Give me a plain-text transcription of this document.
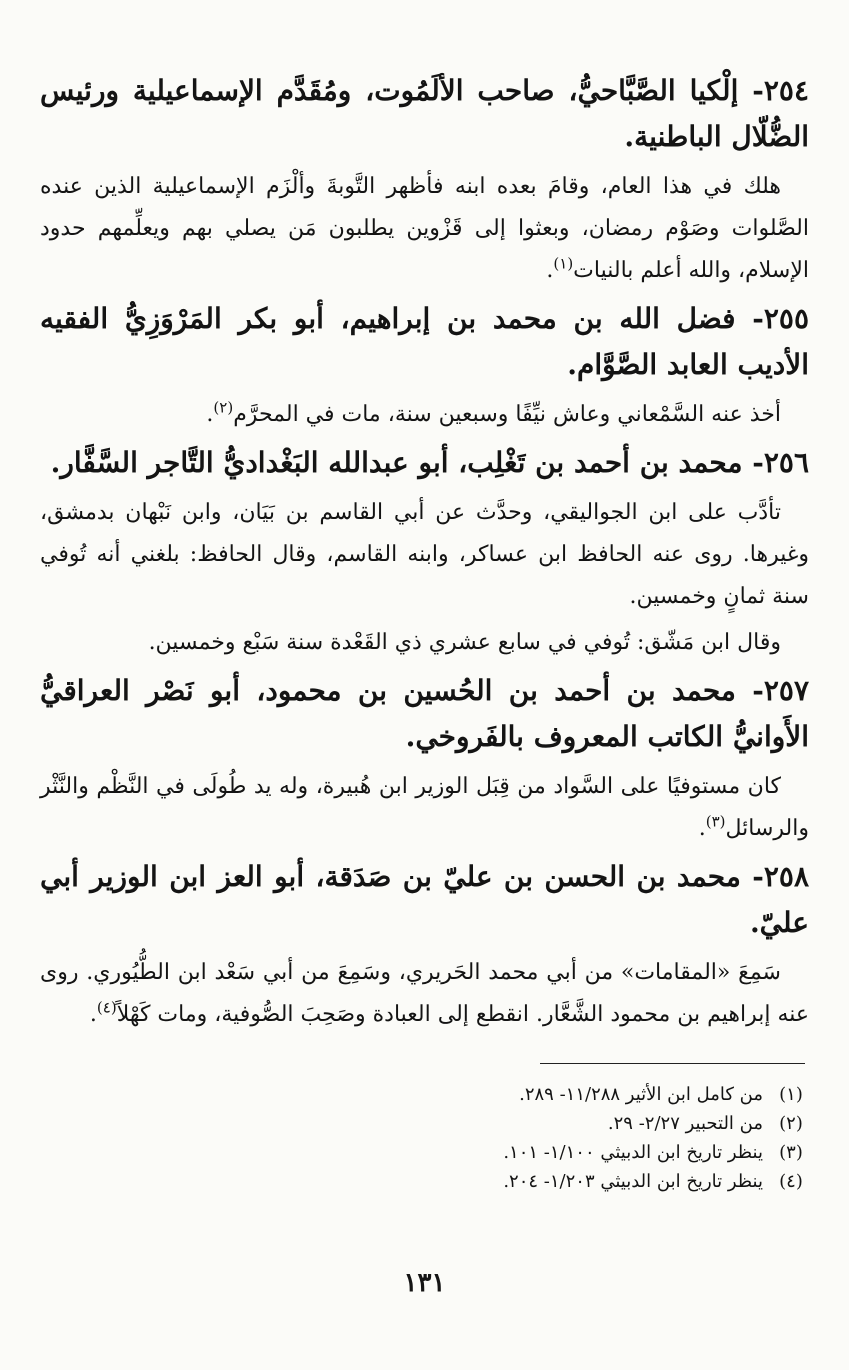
٢٥٤- إلْكيا الصَّبَّاحيُّ، صاحب الألَمُوت، ومُقَدَّم الإسماعيلية ورئيس الضُّلّال الباطنية.

هلك في هذا العام، وقامَ بعده ابنه فأظهر التَّوبةَ وألْزَم الإسماعيلية الذين عنده الصَّلوات وصَوْم رمضان، وبعثوا إلى قَزْوين يطلبون مَن يصلي بهم ويعلِّمهم حدود الإسلام، والله أعلم بالنيات$^{(١)}$.

٢٥٥- فضل الله بن محمد بن إبراهيم، أبو بكر المَرْوَزِيُّ الفقيه الأديب العابد الصَّوَّام.

أخذ عنه السَّمْعاني وعاش نيِّفًا وسبعين سنة، مات في المحرَّم$^{(٢)}$.

٢٥٦- محمد بن أحمد بن تَغْلِب، أبو عبدالله البَغْداديُّ التَّاجر السَّفَّار.

تأدَّب على ابن الجواليقي، وحدَّث عن أبي القاسم بن بَيَان، وابن نَبْهان بدمشق، وغيرها. روى عنه الحافظ ابن عساكر، وابنه القاسم، وقال الحافظ: بلغني أنه تُوفي سنة ثمانٍ وخمسين.

وقال ابن مَشّق: تُوفي في سابع عشري ذي القَعْدة سنة سَبْع وخمسين.

٢٥٧- محمد بن أحمد بن الحُسين بن محمود، أبو نَصْر العراقيُّ الأَوانيُّ الكاتب المعروف بالفَروخي.

كان مستوفيًا على السَّواد من قِبَل الوزير ابن هُبيرة، وله يد طُولَى في النَّظْم والنَّثْر والرسائل$^{(٣)}$.

٢٥٨- محمد بن الحسن بن عليّ بن صَدَقة، أبو العز ابن الوزير أبي عليّ.

سَمِعَ «المقامات» من أبي محمد الحَريري، وسَمِعَ من أبي سَعْد ابن الطُّيُوري. روى عنه إبراهيم بن محمود الشَّعَّار. انقطع إلى العبادة وصَحِبَ الصُّوفية، ومات كَهْلاً$^{(٤)}$.

(١)
من كامل ابن الأثير ١١/٢٨٨- ٢٨٩.
(٢)
من التحبير ٢/٢٧- ٢٩.
(٣)
ينظر تاريخ ابن الدبيثي ١/١٠٠- ١٠١.
(٤)
ينظر تاريخ ابن الدبيثي ١/٢٠٣- ٢٠٤.
١٣١
